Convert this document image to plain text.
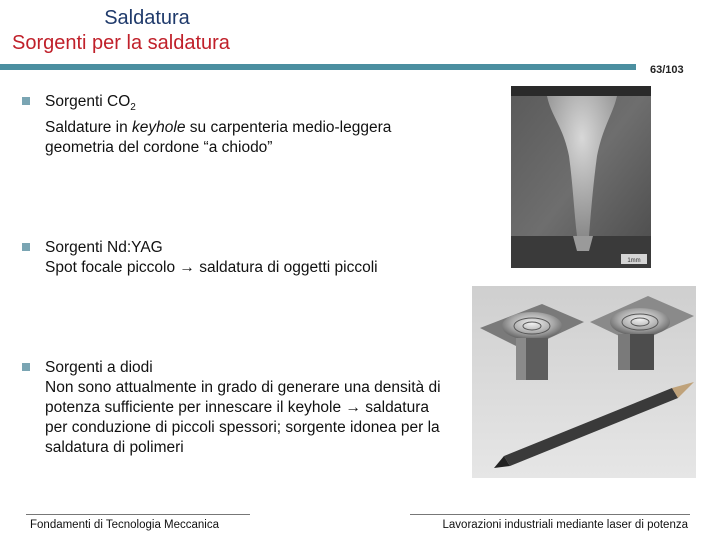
Saldatura
Sorgenti per la saldatura
63/103
Sorgenti $CO_2$
Saldature in keyhole su carpenteria medio-leggera
geometria del cordone “a chiodo”
Sorgenti Nd:YAG
Spot focale piccolo → saldatura di oggetti piccoli
Sorgenti a diodi
Non sono attualmente in grado di generare una densità di potenza sufficiente per innescare il keyhole → saldatura per conduzione di piccoli spessori; sorgente idonea per la saldatura di polimeri
1mm
Fondamenti di Tecnologia Meccanica	Lavorazioni industriali mediante laser di potenza
